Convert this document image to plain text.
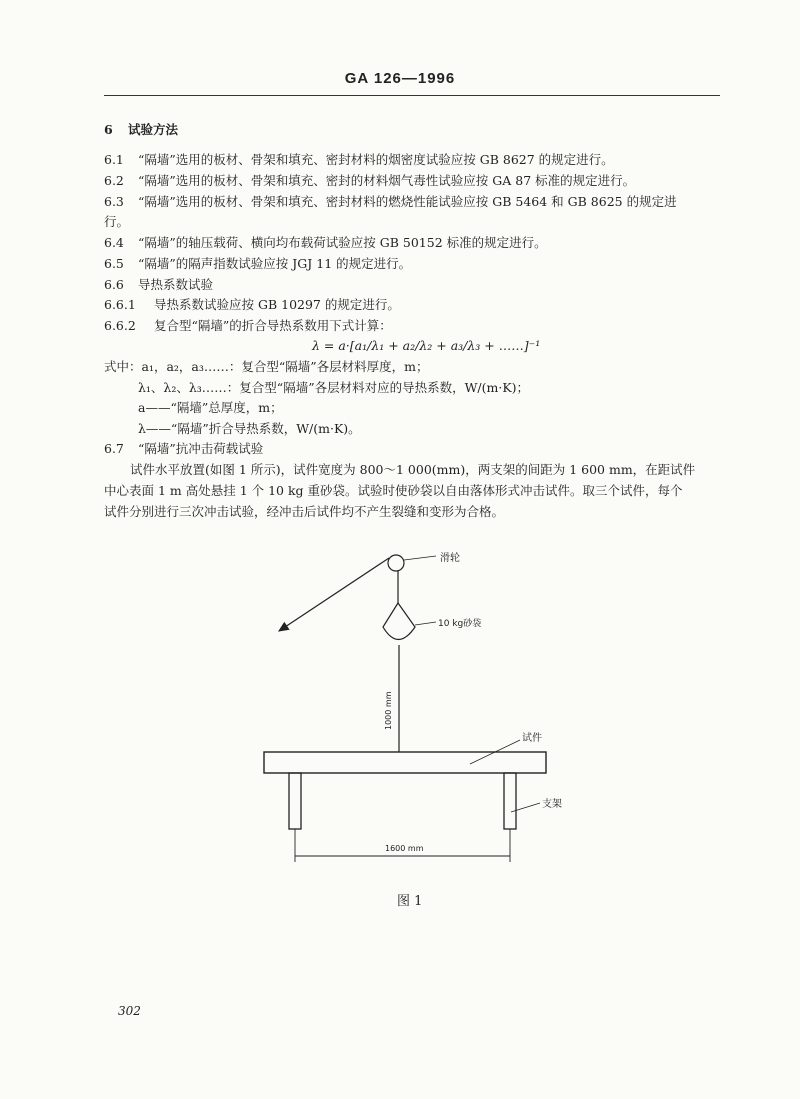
GA 126—1996
6 试验方法
6.1 “隔墙”选用的板材、骨架和填充、密封材料的烟密度试验应按 GB 8627 的规定进行。
6.2 “隔墙”选用的板材、骨架和填充、密封的材料烟气毒性试验应按 GA 87 标准的规定进行。
6.3 “隔墙”选用的板材、骨架和填充、密封材料的燃烧性能试验应按 GB 5464 和 GB 8625 的规定进
行。
6.4 “隔墙”的轴压载荷、横向均布载荷试验应按 GB 50152 标准的规定进行。
6.5 “隔墙”的隔声指数试验应按 JGJ 11 的规定进行。
6.6 导热系数试验
6.6.1 导热系数试验应按 GB 10297 的规定进行。
6.6.2 复合型“隔墙”的折合导热系数用下式计算：
λ = a·[a₁/λ₁ + a₂/λ₂ + a₃/λ₃ + ……]⁻¹
式中：a₁，a₂，a₃……：复合型“隔墙”各层材料厚度，m；
λ₁、λ₂、λ₃……：复合型“隔墙”各层材料对应的导热系数，W/(m·K)；
a——“隔墙”总厚度，m；
λ——“隔墙”折合导热系数，W/(m·K)。
6.7 “隔墙”抗冲击荷载试验
试件水平放置(如图 1 所示)，试件宽度为 800～1 000(mm)，两支架的间距为 1 600 mm，在距试件
中心表面 1 m 高处悬挂 1 个 10 kg 重砂袋。试验时使砂袋以自由落体形式冲击试件。取三个试件，每个
试件分别进行三次冲击试验，经冲击后试件均不产生裂缝和变形为合格。
滑轮
10 kg砂袋
1000 mm
试件
支架
1600 mm
图 1
302
